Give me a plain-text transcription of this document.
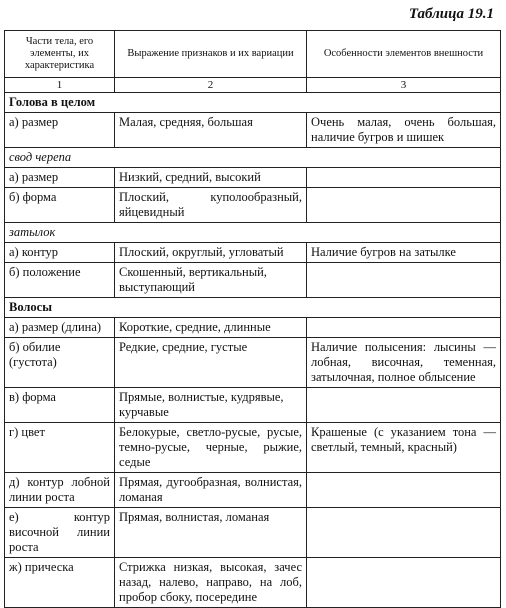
Таблица 19.1
Части тела, его элементы, их характеристика	Выражение признаков и их вариации	Особенности элементов внешности
1	2	3
Голова в целом		
а) размер	Малая, средняя, большая	Очень малая, очень большая, наличие бугров и шишек
свод черепа		
а) размер	Низкий, средний, высокий	
б) форма	Плоский, куполообразный, яйцевидный	
затылок		
а) контур	Плоский, округлый, угловатый	Наличие бугров на затылке
б) положение	Скошенный, вертикальный, выступающий	
Волосы		
а) размер (длина)	Короткие, средние, длинные	
б) обилие (густота)	Редкие, средние, густые	Наличие полысения: лысины — лобная, височная, теменная, затылочная, полное облысение
в) форма	Прямые, волнистые, кудрявые, курчавые	
г) цвет	Белокурые, светло-русые, русые, темно-русые, черные, рыжие, седые	Крашеные (с указанием тона — светлый, темный, красный)
д) контур лобной линии роста	Прямая, дугообразная, волнистая, ломаная	
е) контур височной линии роста	Прямая, волнистая, ломаная	
ж) прическа	Стрижка низкая, высокая, зачес назад, налево, направо, на лоб, пробор сбоку, посередине	
